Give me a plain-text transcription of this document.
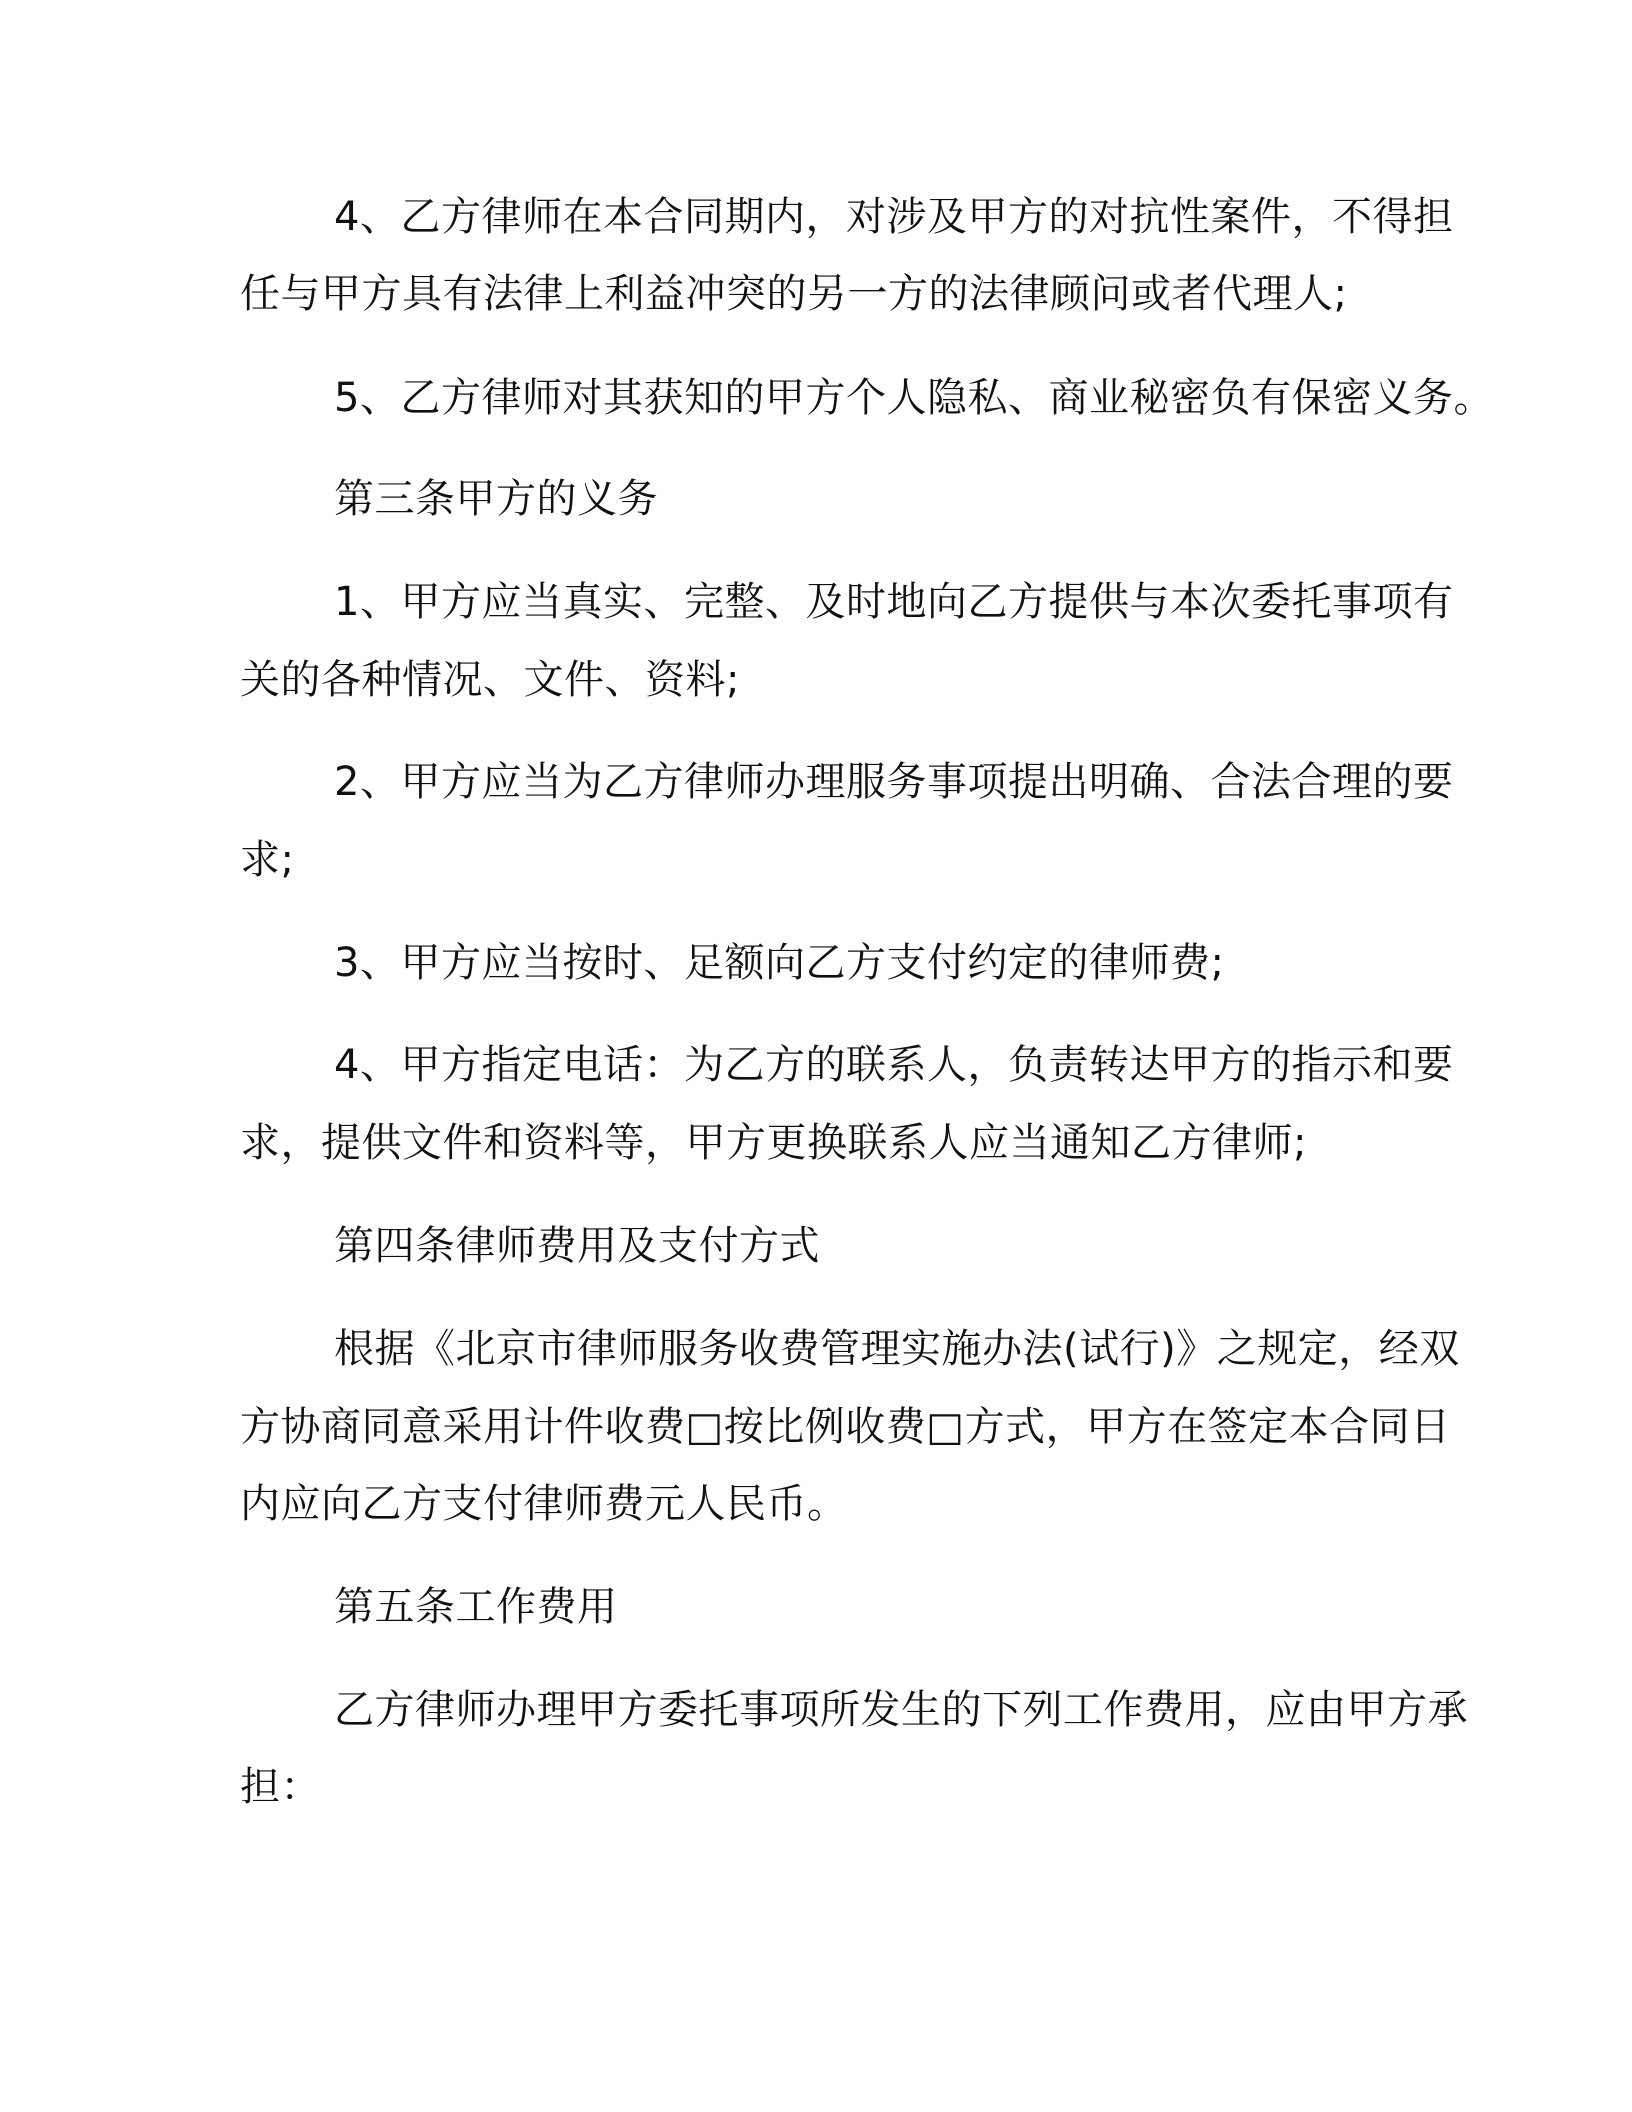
4、乙方律师在本合同期内，对涉及甲方的对抗性案件，不得担
任与甲方具有法律上利益冲突的另一方的法律顾问或者代理人;
5、乙方律师对其获知的甲方个人隐私、商业秘密负有保密义务。
第三条甲方的义务
1、甲方应当真实、完整、及时地向乙方提供与本次委托事项有
关的各种情况、文件、资料;
2、甲方应当为乙方律师办理服务事项提出明确、合法合理的要
求;
3、甲方应当按时、足额向乙方支付约定的律师费;
4、甲方指定电话：为乙方的联系人，负责转达甲方的指示和要
求，提供文件和资料等，甲方更换联系人应当通知乙方律师;
第四条律师费用及支付方式
根据《北京市律师服务收费管理实施办法(试行)》之规定，经双
方协商同意采用计件收费□按比例收费□方式，甲方在签定本合同日
内应向乙方支付律师费元人民币。
第五条工作费用
乙方律师办理甲方委托事项所发生的下列工作费用，应由甲方承
担：
